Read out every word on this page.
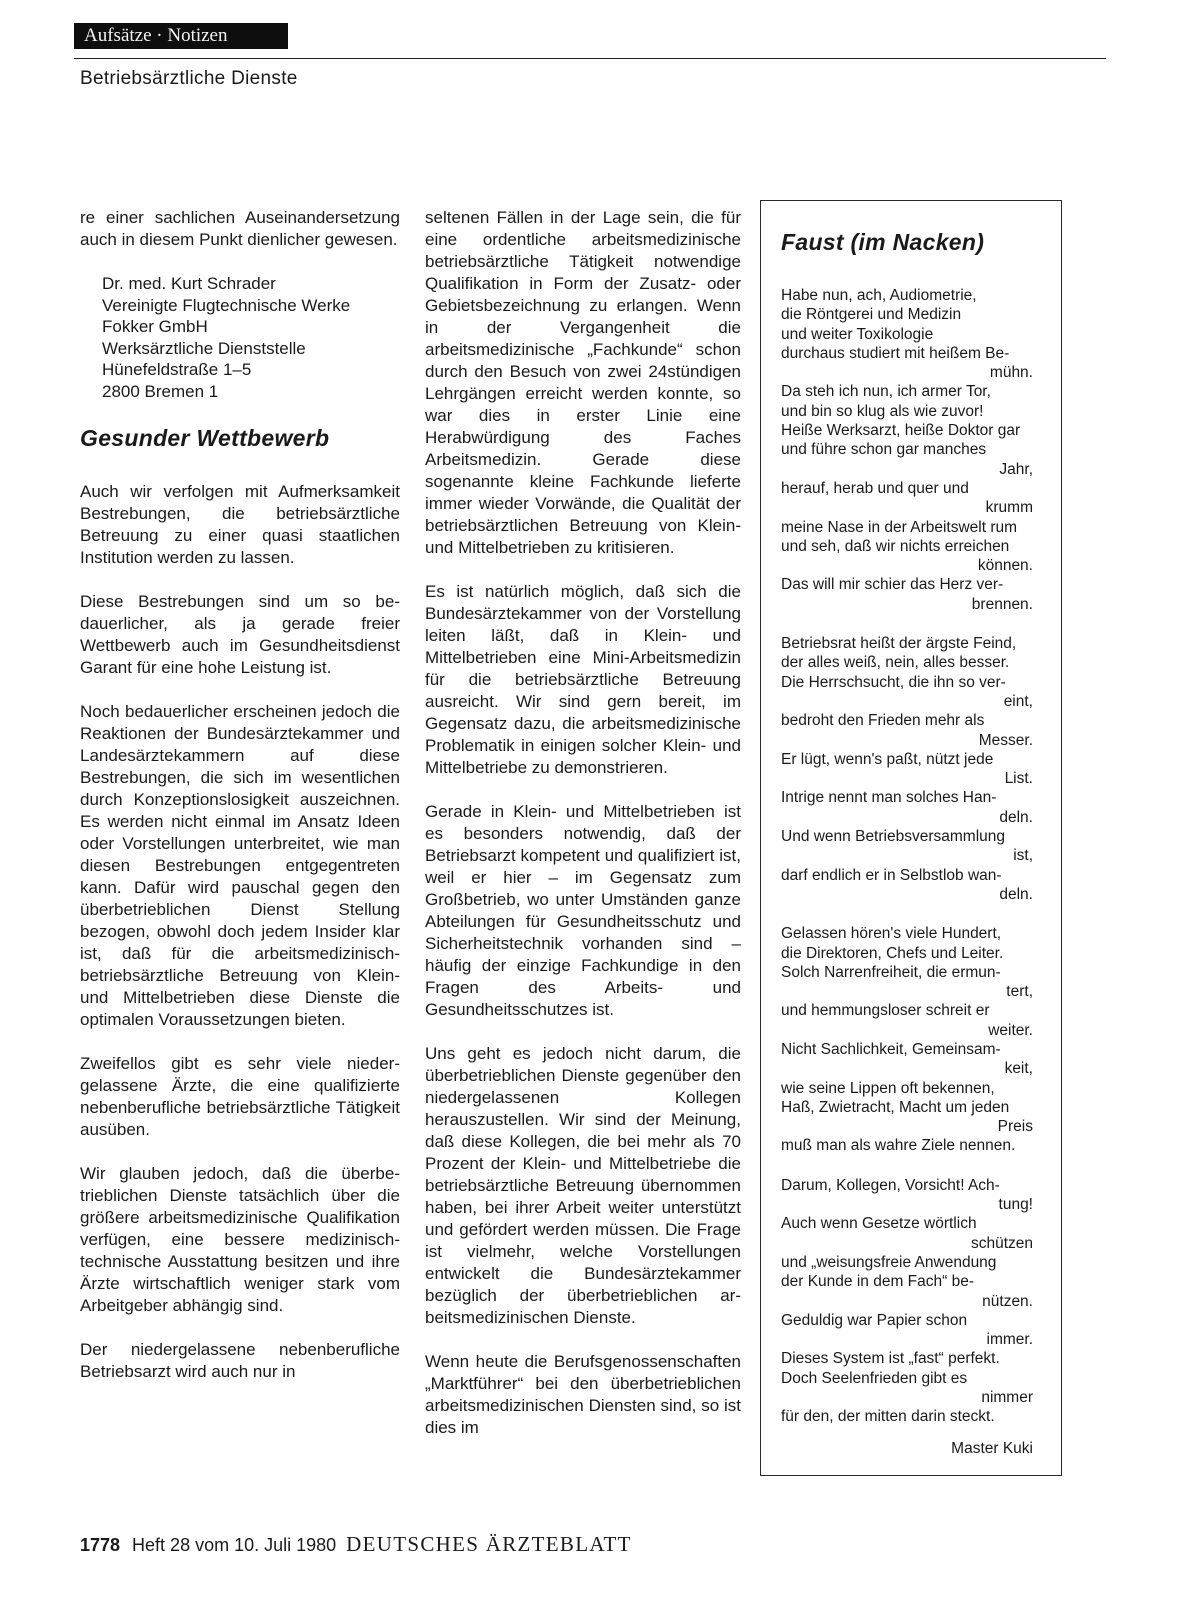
Aufsätze · Notizen
Betriebsärztliche Dienste

re einer sachlichen Auseinandersetzung auch in diesem Punkt dienlicher gewesen.

Dr. med. Kurt Schrader
Vereinigte Flugtechnische Werke
Fokker GmbH
Werksärztliche Dienststelle
Hünefeldstraße 1–5
2800 Bremen 1
Gesunder Wettbewerb

Auch wir verfolgen mit Aufmerksamkeit Bestrebungen, die betriebsärztliche Betreuung zu einer quasi staatlichen Institution werden zu lassen.

Diese Bestrebungen sind um so bedauerlicher, als ja gerade freier Wettbewerb auch im Gesundheitsdienst Garant für eine hohe Leistung ist.

Noch bedauerlicher erscheinen jedoch die Reaktionen der Bundesärztekammer und Landesärztekammern auf diese Bestrebungen, die sich im wesentlichen durch Konzeptionslosigkeit auszeichnen. Es werden nicht einmal im Ansatz Ideen oder Vorstellungen unterbreitet, wie man diesen Bestrebungen entgegentreten kann. Dafür wird pauschal gegen den überbetrieblichen Dienst Stellung bezogen, obwohl doch jedem Insider klar ist, daß für die arbeitsmedizinisch-betriebsärztliche Betreuung von Klein- und Mittelbetrieben diese Dienste die optimalen Voraussetzungen bieten.

Zweifellos gibt es sehr viele niedergelassene Ärzte, die eine qualifizierte nebenberufliche betriebsärztliche Tätigkeit ausüben.

Wir glauben jedoch, daß die überbetrieblichen Dienste tatsächlich über die größere arbeitsmedizinische Qualifikation verfügen, eine bessere medizinisch-technische Ausstattung besitzen und ihre Ärzte wirtschaftlich weniger stark vom Arbeitgeber abhängig sind.

Der niedergelassene nebenberufliche Betriebsarzt wird auch nur in

seltenen Fällen in der Lage sein, die für eine ordentliche arbeitsmedizinische betriebsärztliche Tätigkeit notwendige Qualifikation in Form der Zusatz- oder Gebietsbezeichnung zu erlangen. Wenn in der Vergangenheit die arbeitsmedizinische „Fachkunde“ schon durch den Besuch von zwei 24stündigen Lehrgängen erreicht werden konnte, so war dies in erster Linie eine Herabwürdigung des Faches Arbeitsmedizin. Gerade diese sogenannte kleine Fachkunde lieferte immer wieder Vorwände, die Qualität der betriebsärztlichen Betreuung von Klein- und Mittelbetrieben zu kritisieren.

Es ist natürlich möglich, daß sich die Bundesärztekammer von der Vorstellung leiten läßt, daß in Klein- und Mittelbetrieben eine Mini-Arbeitsmedizin für die betriebsärztliche Betreuung ausreicht. Wir sind gern bereit, im Gegensatz dazu, die arbeitsmedizinische Problematik in einigen solcher Klein- und Mittelbetriebe zu demonstrieren.

Gerade in Klein- und Mittelbetrieben ist es besonders notwendig, daß der Betriebsarzt kompetent und qualifiziert ist, weil er hier – im Gegensatz zum Großbetrieb, wo unter Umständen ganze Abteilungen für Gesundheitsschutz und Sicherheitstechnik vorhanden sind – häufig der einzige Fachkundige in den Fragen des Arbeits- und Gesundheitsschutzes ist.

Uns geht es jedoch nicht darum, die überbetrieblichen Dienste gegenüber den niedergelassenen Kollegen herauszustellen. Wir sind der Meinung, daß diese Kollegen, die bei mehr als 70 Prozent der Klein- und Mittelbetriebe die betriebsärztliche Betreuung übernommen haben, bei ihrer Arbeit weiter unterstützt und gefördert werden müssen. Die Frage ist vielmehr, welche Vorstellungen entwickelt die Bundesärztekammer bezüglich der überbetrieblichen arbeitsmedizinischen Dienste.

Wenn heute die Berufsgenossenschaften „Marktführer“ bei den überbetrieblichen arbeitsmedizinischen Diensten sind, so ist dies im

Faust (im Nacken)
Habe nun, ach, Audiometrie,
die Röntgerei und Medizin
und weiter Toxikologie
durchaus studiert mit heißem Be-
mühn.
Da steh ich nun, ich armer Tor,
und bin so klug als wie zuvor!
Heiße Werksarzt, heiße Doktor gar
und führe schon gar manches
Jahr,
herauf, herab und quer und
krumm
meine Nase in der Arbeitswelt rum
und seh, daß wir nichts erreichen
können.
Das will mir schier das Herz ver-
brennen.
Betriebsrat heißt der ärgste Feind,
der alles weiß, nein, alles besser.
Die Herrschsucht, die ihn so ver-
eint,
bedroht den Frieden mehr als
Messer.
Er lügt, wenn's paßt, nützt jede
List.
Intrige nennt man solches Han-
deln.
Und wenn Betriebsversammlung
ist,
darf endlich er in Selbstlob wan-
deln.
Gelassen hören's viele Hundert,
die Direktoren, Chefs und Leiter.
Solch Narrenfreiheit, die ermun-
tert,
und hemmungsloser schreit er
weiter.
Nicht Sachlichkeit, Gemeinsam-
keit,
wie seine Lippen oft bekennen,
Haß, Zwietracht, Macht um jeden
Preis
muß man als wahre Ziele nennen.
Darum, Kollegen, Vorsicht! Ach-
tung!
Auch wenn Gesetze wörtlich
schützen
und „weisungsfreie Anwendung
der Kunde in dem Fach“ be-
nützen.
Geduldig war Papier schon
immer.
Dieses System ist „fast“ perfekt.
Doch Seelenfrieden gibt es
nimmer
für den, der mitten darin steckt.
Master Kuki
1778 Heft 28 vom 10. Juli 1980 DEUTSCHES ÄRZTEBLATT
